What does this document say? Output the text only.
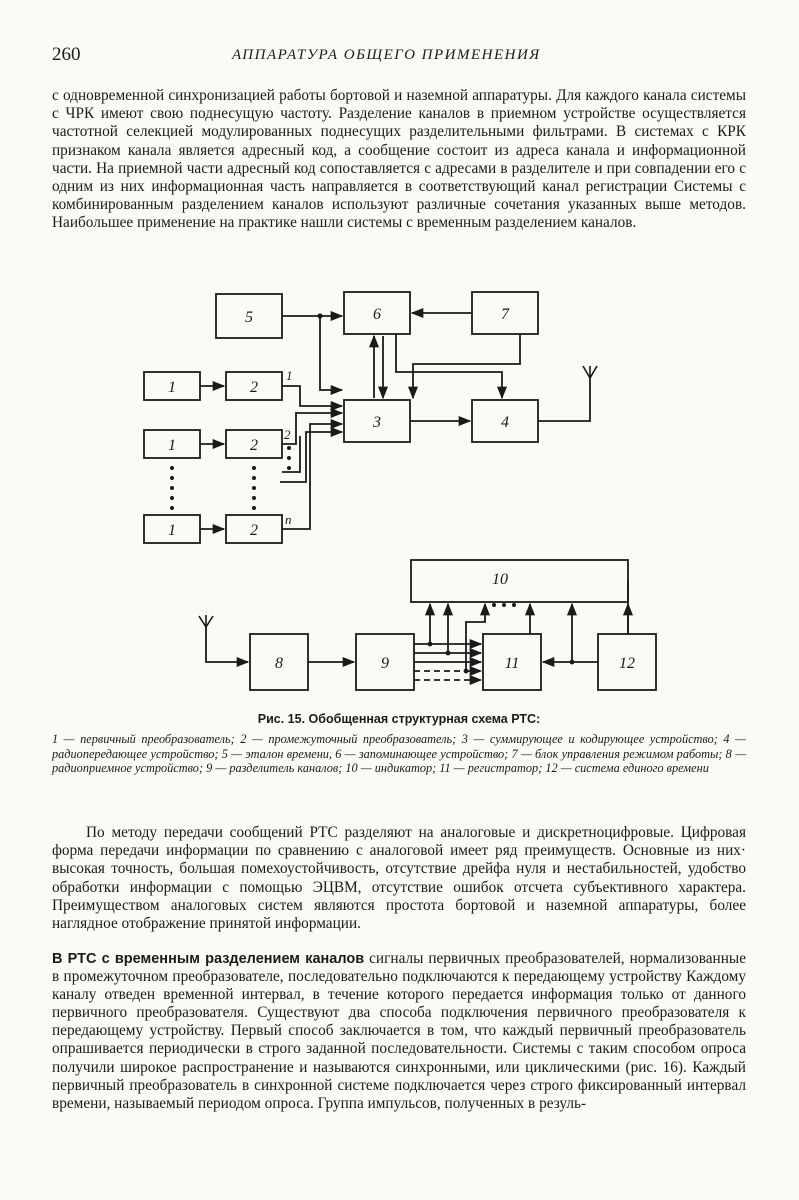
260	АППАРАТУРА ОБЩЕГО ПРИМЕНЕНИЯ

с одновременной синхронизацией работы бортовой и наземной аппаратуры. Для каждого канала системы с ЧРК имеют свою поднесущую частоту. Разделение каналов в приемном устройстве осуществляется частотной селекцией модулированных поднесущих разделительными фильтрами. В системах с КРК признаком канала является адресный код, а сообщение состоит из адреса канала и информационной части. На приемной части адресный код сопоставляется с адресами в разделителе и при совпадении его с одним из них информационная часть направляется в соответствующий канал регистрации Системы с комбинированным разделением каналов используют различные сочетания указанных выше методов. Наибольшее применение на практике нашли системы с временным разделением каналов.

5	6	7
1	2
3	4
1	2
1	2
10
8	9	11	12
1
2
n
Рис. 15. Обобщенная структурная схема РТС:

1 — первичный преобразователь; 2 — промежуточный преобразователь; 3 — суммирующее и кодирующее устройство; 4 — радиопередающее устройство; 5 — эталон времени, 6 — запоминающее устройство; 7 — блок управления режимом работы; 8 — радиоприемное устройство; 9 — разделитель каналов; 10 — индикатор; 11 — регистратор; 12 — система единого времени

По методу передачи сообщений РТС разделяют на аналоговые и дискретноцифровые. Цифровая форма передачи информации по сравнению с аналоговой имеет ряд преимуществ. Основные из них· высокая точность, большая помехоустойчивость, отсутствие дрейфа нуля и нестабильностей, удобство обработки информации с помощью ЭЦВМ, отсутствие ошибок отсчета субъективного характера. Преимуществом аналоговых систем являются простота бортовой и наземной аппаратуры, более наглядное отображение принятой информации.

В РТС с временным разделением каналов сигналы первичных преобразователей, нормализованные в промежуточном преобразователе, последовательно подключаются к передающему устройству Каждому каналу отведен временной интервал, в течение которого передается информация только от данного первичного преобразователя. Существуют два способа подключения первичного преобразователя к передающему устройству. Первый способ заключается в том, что каждый первичный преобразователь опрашивается периодически в строго заданной последовательности. Системы с таким способом опроса получили широкое распространение и называются синхронными, или циклическими (рис. 16). Каждый первичный преобразователь в синхронной системе подключается через строго фиксированный интервал времени, называемый периодом опроса. Группа импульсов, полученных в резуль-
